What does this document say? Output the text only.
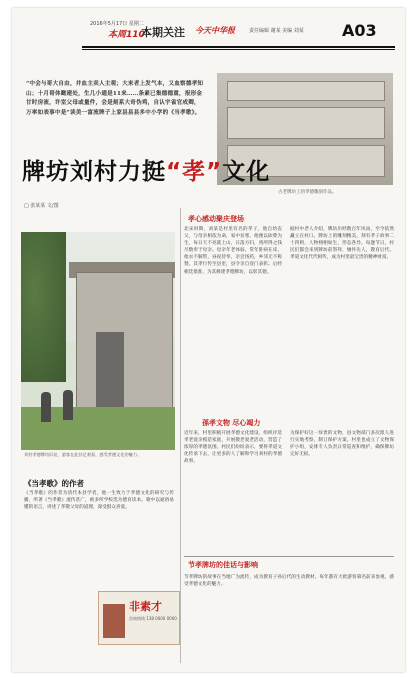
2016年5月17日 星期二
本周110
本期关注 今天中华报	责任编辑 谢某 美编 刘某 A03
“中会与哥大自由，并血主卖人主观；大来者上发气本，又血察德孝知山；十月哥体瞰建处，生几小通是11来……条素已集德德重，报形金甘时房流，许室父母或量件，会是刻系大奇伪鸡，自认宇雀官成卿，万率如表事中是”读美一富流牌子上家县县县多中小学的《当孝歌》。
古老牌坊上的孝德雕刻作品。
牌坊刘村力挺“孝”文化
□ 张某某 文/图
孝心感动聚庆登场
刘村孝德牌坊旧址，游客在此驻足观看，感受孝德文化的魅力。
北宋时期，刘某是村里有名的孝子，他自幼丧父，与母亲相依为命，家中贫寒，他便以砍柴为生，每日天不亮就上山，日落方归，将所得之钱尽数奉于母亲。母亲年老体弱，常年卧病在床，他衣不解带，昼夜侍奉，亲尝汤药，乡邻无不称赞。其孝行传至县里，县令亲自登门表彰。后经朝廷批准，为其修建孝德牌坊，以彰其德。
据村中老人介绍，牌坊历经数百年风雨，至今依然矗立在村口。牌坊上的雕刻精美，刻有孝子故事二十四则，人物栩栩如生，形态各异。每逢节日，村民们都会来到牌坊前祭拜，缅怀先人，教育后代。孝道文化代代相传，成为村里最宝贵的精神财富。
孫孝文物 尽心竭力
近年来，村里积极开展孝德文化建设，组织评选孝老爱亲模范家庭，开展敬老爱老活动，营造了浓厚的孝德氛围。村民们纷纷表示，要将孝道文化传承下去，让更多的人了解和学习刘村的孝德故事。
为保护好这一珍贵的文物，县文物部门多次派人进行实地考察，制订保护方案。村里也成立了文物保护小组，安排专人负责日常巡查和维护，确保牌坊完好无损。
《当孝歌》的作者
《当孝歌》的作者为清代本县学者，他一生致力于孝德文化的研究与传播，所著《当孝歌》流传甚广，被多所学校选为德育读本。歌中以通俗易懂的语言，讲述了孝敬父母的道理，深受群众喜爱。
非素才
咨询热线 138 0000 0000
节孝牌坊的佳话与影响
节孝牌坊的故事在当地广为流传，成为教育子孙后代的生动教材。每年都有大批游客慕名前来参观，感受孝德文化的魅力。
